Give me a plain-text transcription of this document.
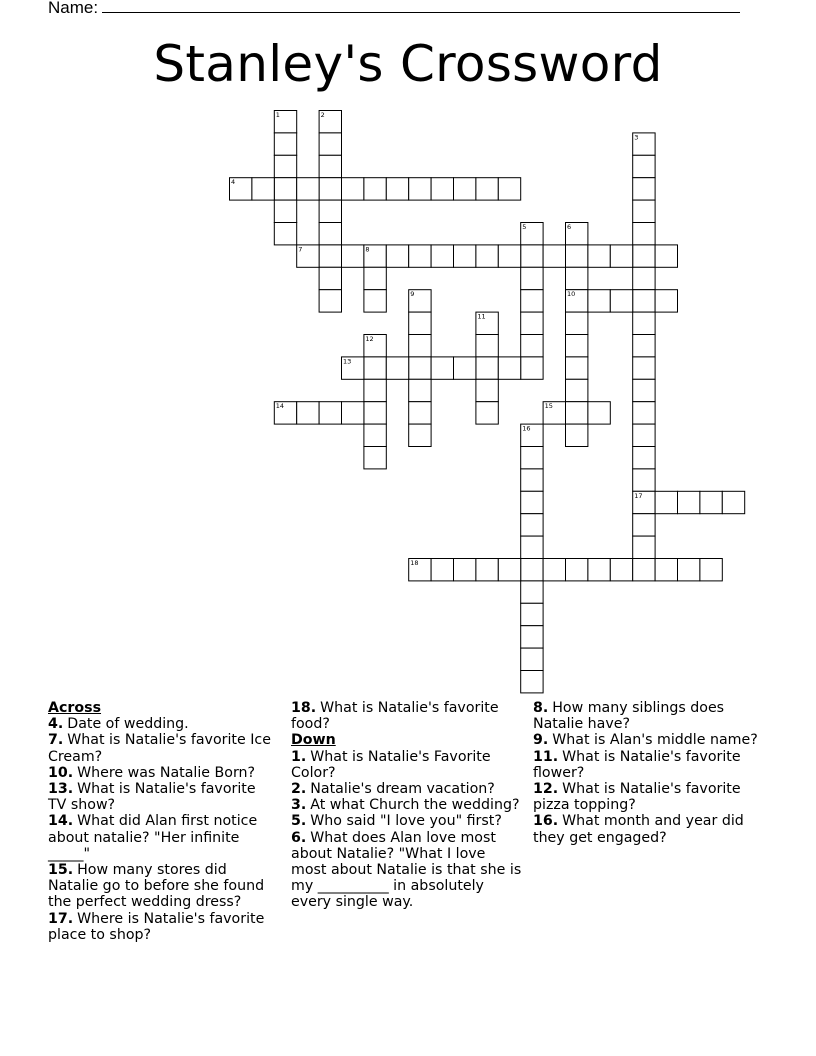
Name:
Stanley's Crossword
1	2
3
4
5	6
7	8
9	10
11
12
13
14	15
16
17
18
Across
4. Date of wedding.
7. What is Natalie's favorite Ice Cream?
10. Where was Natalie Born?
13. What is Natalie's favorite TV show?
14. What did Alan first notice about natalie? "Her infinite _____"
15. How many stores did Natalie go to before she found the perfect wedding dress?
17. Where is Natalie's favorite place to shop?
18. What is Natalie's favorite food?
Down
1. What is Natalie's Favorite Color?
2. Natalie's dream vacation?
3. At what Church the wedding?
5. Who said "I love you" first?
6. What does Alan love most about Natalie? "What I love most about Natalie is that she is my __________ in absolutely every single way.
8. How many siblings does Natalie have?
9. What is Alan's middle name?
11. What is Natalie's favorite flower?
12. What is Natalie's favorite pizza topping?
16. What month and year did they get engaged?
